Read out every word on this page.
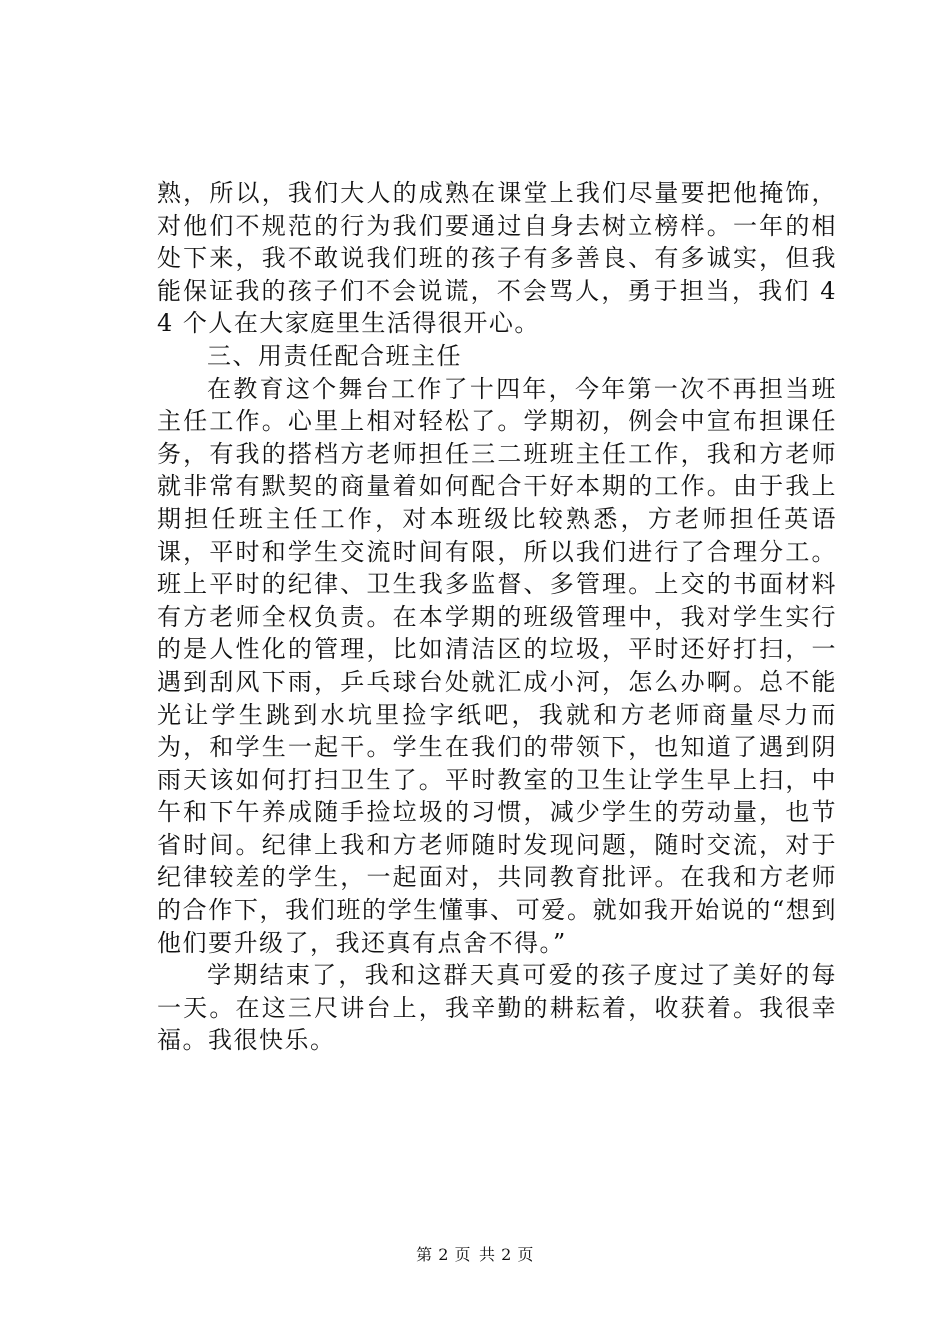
熟，所以，我们大人的成熟在课堂上我们尽量要把他掩饰，对他们不规范的行为我们要通过自身去树立榜样。一年的相处下来，我不敢说我们班的孩子有多善良、有多诚实，但我能保证我的孩子们不会说谎，不会骂人，勇于担当，我们 44 个人在大家庭里生活得很开心。

三、用责任配合班主任

在教育这个舞台工作了十四年，今年第一次不再担当班主任工作。心里上相对轻松了。学期初，例会中宣布担课任务，有我的搭档方老师担任三二班班主任工作，我和方老师就非常有默契的商量着如何配合干好本期的工作。由于我上期担任班主任工作，对本班级比较熟悉，方老师担任英语课，平时和学生交流时间有限，所以我们进行了合理分工。班上平时的纪律、卫生我多监督、多管理。上交的书面材料有方老师全权负责。在本学期的班级管理中，我对学生实行的是人性化的管理，比如清洁区的垃圾，平时还好打扫，一遇到刮风下雨，乒乓球台处就汇成小河，怎么办啊。总不能光让学生跳到水坑里捡字纸吧，我就和方老师商量尽力而为，和学生一起干。学生在我们的带领下，也知道了遇到阴雨天该如何打扫卫生了。平时教室的卫生让学生早上扫，中午和下午养成随手捡垃圾的习惯，减少学生的劳动量，也节省时间。纪律上我和方老师随时发现问题，随时交流，对于纪律较差的学生，一起面对，共同教育批评。在我和方老师的合作下，我们班的学生懂事、可爱。就如我开始说的“想到他们要升级了，我还真有点舍不得。”

学期结束了，我和这群天真可爱的孩子度过了美好的每一天。在这三尺讲台上，我辛勤的耕耘着，收获着。我很幸福。我很快乐。

第 2 页 共 2 页
